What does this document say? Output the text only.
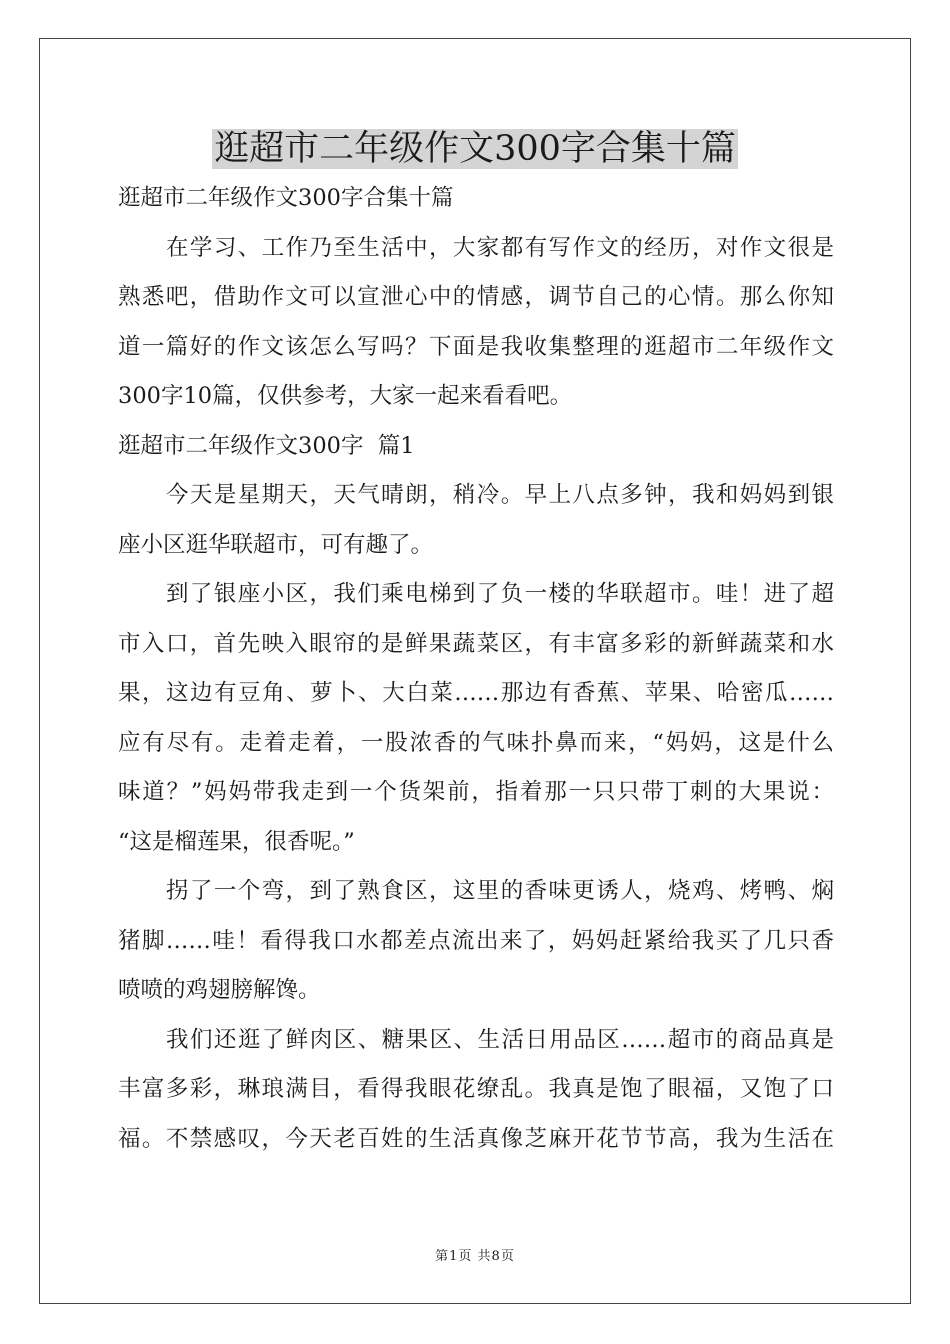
逛超市二年级作文300字合集十篇
逛超市二年级作文300字合集十篇
在学习、工作乃至生活中，大家都有写作文的经历，对作文很是
熟悉吧，借助作文可以宣泄心中的情感，调节自己的心情。那么你知
道一篇好的作文该怎么写吗？下面是我收集整理的逛超市二年级作文
300字10篇，仅供参考，大家一起来看看吧。
逛超市二年级作文300字  篇1
今天是星期天，天气晴朗，稍冷。早上八点多钟，我和妈妈到银
座小区逛华联超市，可有趣了。
到了银座小区，我们乘电梯到了负一楼的华联超市。哇！进了超
市入口，首先映入眼帘的是鲜果蔬菜区，有丰富多彩的新鲜蔬菜和水
果，这边有豆角、萝卜、大白菜……那边有香蕉、苹果、哈密瓜……
应有尽有。走着走着，一股浓香的气味扑鼻而来，“妈妈，这是什么
味道？”妈妈带我走到一个货架前，指着那一只只带丁刺的大果说：
“这是榴莲果，很香呢。”
拐了一个弯，到了熟食区，这里的香味更诱人，烧鸡、烤鸭、焖
猪脚……哇！看得我口水都差点流出来了，妈妈赶紧给我买了几只香
喷喷的鸡翅膀解馋。
我们还逛了鲜肉区、糖果区、生活日用品区……超市的商品真是
丰富多彩，琳琅满目，看得我眼花缭乱。我真是饱了眼福，又饱了口
福。不禁感叹，今天老百姓的生活真像芝麻开花节节高，我为生活在
第1页 共8页
